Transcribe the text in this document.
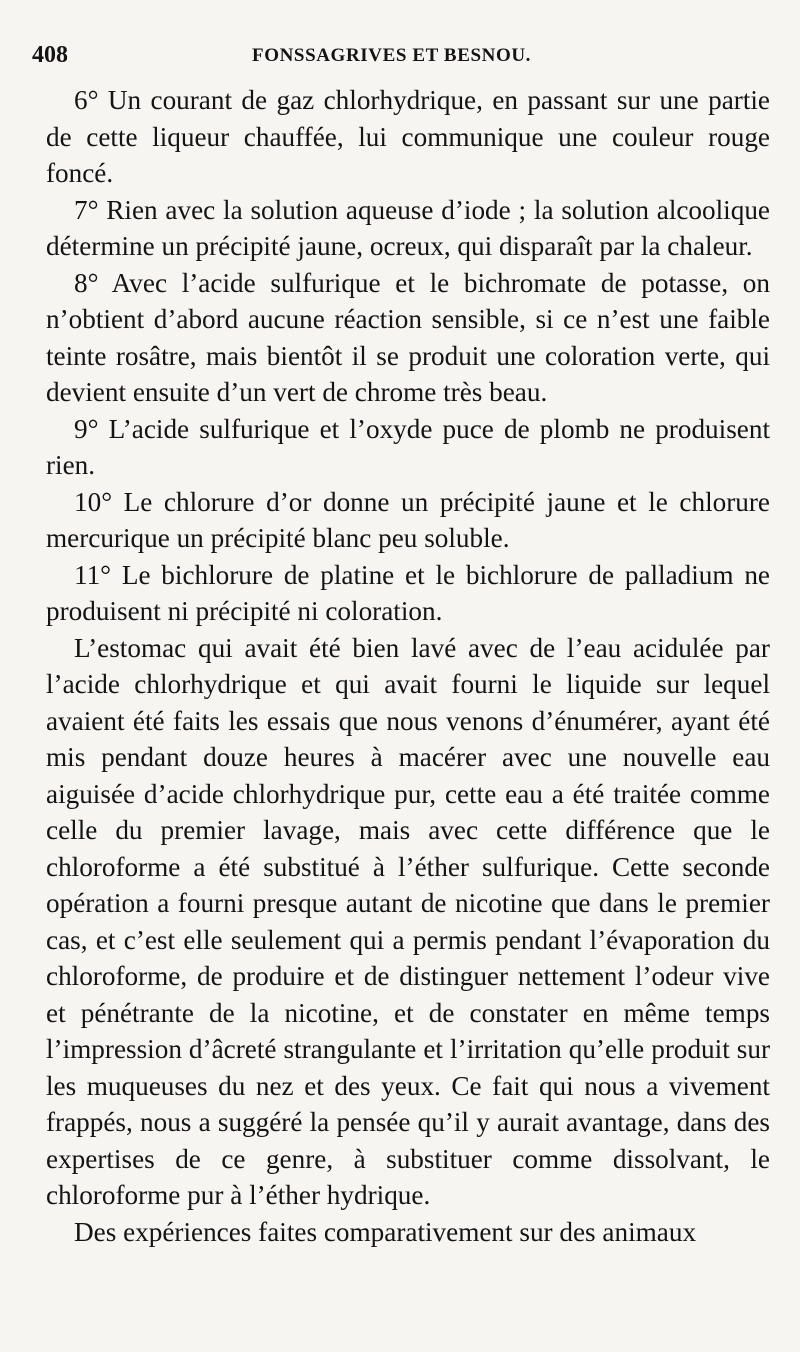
408	FONSSAGRIVES ET BESNOU.

6° Un courant de gaz chlorhydrique, en passant sur une partie de cette liqueur chauffée, lui communique une couleur rouge foncé.

7° Rien avec la solution aqueuse d’iode ; la solution alcoolique détermine un précipité jaune, ocreux, qui disparaît par la chaleur.

8° Avec l’acide sulfurique et le bichromate de potasse, on n’obtient d’abord aucune réaction sensible, si ce n’est une faible teinte rosâtre, mais bientôt il se produit une coloration verte, qui devient ensuite d’un vert de chrome très beau.

9° L’acide sulfurique et l’oxyde puce de plomb ne produisent rien.

10° Le chlorure d’or donne un précipité jaune et le chlorure mercurique un précipité blanc peu soluble.

11° Le bichlorure de platine et le bichlorure de palladium ne produisent ni précipité ni coloration.

L’estomac qui avait été bien lavé avec de l’eau acidulée par l’acide chlorhydrique et qui avait fourni le liquide sur lequel avaient été faits les essais que nous venons d’énumérer, ayant été mis pendant douze heures à macérer avec une nouvelle eau aiguisée d’acide chlorhydrique pur, cette eau a été traitée comme celle du premier lavage, mais avec cette différence que le chloroforme a été substitué à l’éther sulfurique. Cette seconde opération a fourni presque autant de nicotine que dans le premier cas, et c’est elle seulement qui a permis pendant l’évaporation du chloroforme, de produire et de distinguer nettement l’odeur vive et pénétrante de la nicotine, et de constater en même temps l’impression d’âcreté strangulante et l’irritation qu’elle produit sur les muqueuses du nez et des yeux. Ce fait qui nous a vivement frappés, nous a suggéré la pensée qu’il y aurait avantage, dans des expertises de ce genre, à substituer comme dissolvant, le chloroforme pur à l’éther hydrique.

Des expériences faites comparativement sur des animaux
